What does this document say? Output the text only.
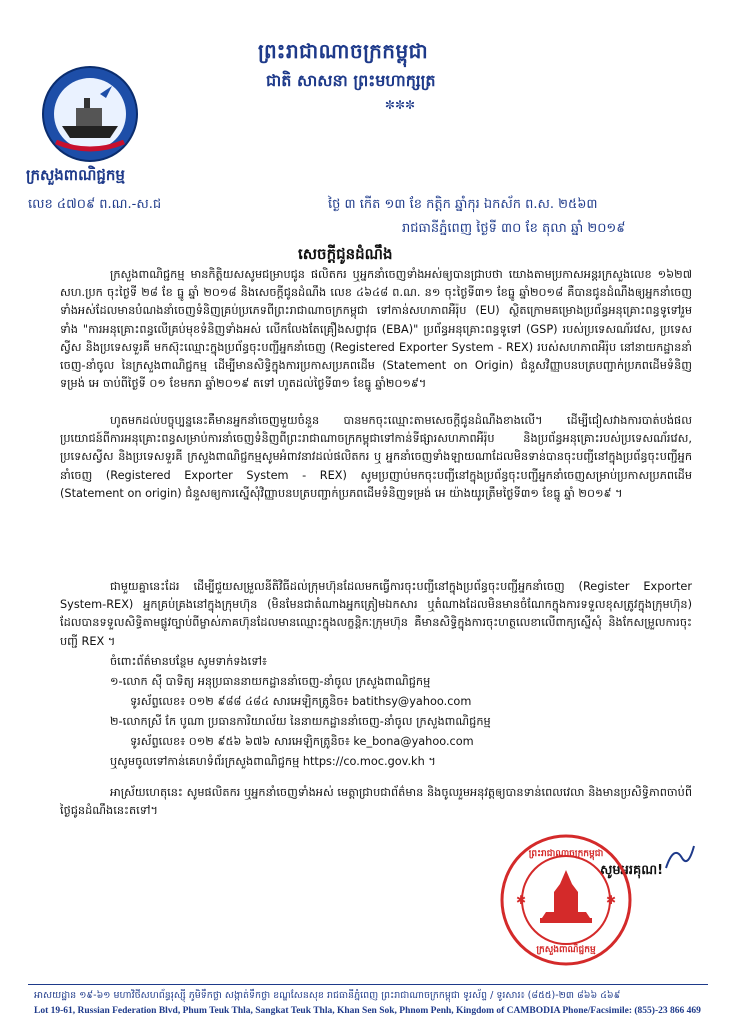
ក្រសួងពាណិជ្ជកម្ម
លេខ ៤៧០៩ ព.ណ.-ស.ជ
ព្រះរាជាណាចក្រកម្ពុជា
ជាតិ សាសនា ព្រះមហាក្សត្រ
✼✼✼
ថ្ងៃ ៣ កើត ១៣ ខែ កត្តិក ឆ្នាំកុរ ឯកស័ក ព.ស. ២៥៦៣
រាជធានីភ្នំពេញ ថ្ងៃទី ៣០ ខែ តុលា ឆ្នាំ ២០១៩
សេចក្តីជូនដំណឹង
ក្រសួងពាណិជ្ជកម្ម មានកិត្តិយសសូមជម្រាបជូន ផលិតករ ឬអ្នកនាំចេញទាំងអស់ឲ្យបានជ្រាបថា យោងតាមប្រកាសអន្តរក្រសួងលេខ ១៦២៧ សហ.ប្រក ចុះថ្ងៃទី ២៨ ខែ ធ្នូ ឆ្នាំ ២០១៨ និងសេចក្តីជូនដំណឹង លេខ ៤៦៤៨ ព.ណ. ន១ ចុះថ្ងៃទី៣១ ខែធ្នូ ឆ្នាំ២០១៨ គឺបានជូនដំណឹងឲ្យអ្នកនាំចេញទាំងអស់ដែលមានបំណងនាំចេញទំនិញគ្រប់ប្រភេទពីព្រះរាជាណាចក្រកម្ពុជា ទៅកាន់សហភាពអឺរ៉ុប (EU) ស្ថិតក្រោមគម្រោងប្រព័ន្ធអនុគ្រោះពន្ធទូទៅរួមទាំង "ការអនុគ្រោះពន្ធលើគ្រប់មុខទំនិញទាំងអស់ លើកលែងតែគ្រឿងសព្វាវុធ (EBA)" ប្រព័ន្ធអនុគ្រោះពន្ធទូទៅ (GSP) របស់ប្រទេសណ័រវេស, ប្រទេសស្វីស និងប្រទេសទួរគី មកស៊ុះឈ្មោះក្នុងប្រព័ន្ធចុះបញ្ជីអ្នកនាំចេញ (Registered Exporter System - REX) របស់សហភាពអឺរ៉ុប នៅនាយកដ្ឋាននាំចេញ-នាំចូល នៃក្រសួងពាណិជ្ជកម្ម ដើម្បីមានសិទ្ធិក្នុងការប្រកាសប្រភពដើម (Statement on Origin) ជំនួសវិញ្ញាបនបត្របញ្ជាក់ប្រភពដើមទំនិញទម្រង់ អេ ចាប់ពីថ្ងៃទី ០១ ខែមករា ឆ្នាំ២០១៩ តទៅ ហូតដល់ថ្ងៃទី៣១ ខែធ្នូ ឆ្នាំ២០១៩។
ហូតមកដល់បច្ចុប្បន្ននេះគឺមានអ្នកនាំចេញមួយចំនួន បានមកចុះឈ្មោះតាមសេចក្តីជូនដំណឹងខាងលើ។ ដើម្បីជៀសវាងការបាត់បង់ផលប្រយោជន៍ពីការអនុគ្រោះពន្ធសម្រាប់ការនាំចេញទំនិញពីព្រះរាជាណាចក្រកម្ពុជាទៅកាន់ទីផ្សារសហភាពអឺរ៉ុប និងប្រព័ន្ធអនុគ្រោះរបស់ប្រទេសណ័រវេស, ប្រទេសស្វីស និងប្រទេសទួរគី ក្រសួងពាណិជ្ជកម្មសូមអំពាវនាវដល់ផលិតករ ឬ អ្នកនាំចេញទាំងឡាយណាដែលមិនទាន់បានចុះបញ្ជីនៅក្នុងប្រព័ន្ធចុះបញ្ជីអ្នកនាំចេញ (Registered Exporter System - REX) សូមប្រញាប់មកចុះបញ្ជីនៅក្នុងប្រព័ន្ធចុះបញ្ជីអ្នកនាំចេញសម្រាប់ប្រកាសប្រភពដើម (Statement on origin) ជំនួសឲ្យការស្នើសុំវិញ្ញាបនបត្របញ្ជាក់ប្រភពដើមទំនិញទម្រង់ អេ យ៉ាងយូរត្រឹមថ្ងៃទី៣១ ខែធ្នូ ឆ្នាំ ២០១៩ ។
ជាមួយគ្នានេះដែរ ដើម្បីជួយសម្រួលនីតិវិធីដល់ក្រុមហ៊ុនដែលមកធ្វើការចុះបញ្ជីនៅក្នុងប្រព័ន្ធចុះបញ្ជីអ្នកនាំចេញ (Register Exporter System-REX) អ្នកគ្រប់គ្រងនៅក្នុងក្រុមហ៊ុន (មិនមែនជាតំណាងអ្នកត្រៀមឯកសារ ឬតំណាងដែលមិនមានចំណែកក្នុងការទទួលខុសត្រូវក្នុងក្រុមហ៊ុន) ដែលបានទទួលសិទ្ធិតាមផ្លូវច្បាប់ពីម្ចាស់ភាគហ៊ុនដែលមានឈ្មោះក្នុងលក្ខន្តិកៈក្រុមហ៊ុន គឺមានសិទ្ធិក្នុងការចុះហត្ថលេខាលើពាក្យស្នើសុំ និងកែសម្រួលការចុះបញ្ជី REX ។
ចំពោះព័ត៌មានបន្ថែម សូមទាក់ទងទៅ៖
១-លោក ស៊ី បាទិត្យ អនុប្រធាននាយកដ្ឋាននាំចេញ-នាំចូល ក្រសួងពាណិជ្ជកម្ម
ទូរស័ព្ទលេខ៖ ០១២ ៩៨៨ ៤៨៤ សារអេឡិកត្រូនិច៖ batithsy@yahoo.com
២-លោកស្រី កែ បូណា ប្រធានការិយាល័យ នៃនាយកដ្ឋាននាំចេញ-នាំចូល ក្រសួងពាណិជ្ជកម្ម
ទូរស័ព្ទលេខ៖ ០១២ ៩៥៦ ៦៧៦ សារអេឡិកត្រូនិច៖ ke_bona@yahoo.com
ឬសូមចូលទៅកាន់គេហទំព័រក្រសួងពាណិជ្ជកម្ម https://co.moc.gov.kh ។
អាស្រ័យហេតុនេះ សូមផលិតករ ឬអ្នកនាំចេញទាំងអស់ មេត្តាជ្រាបជាព័ត៌មាន និងចូលរួមអនុវត្តឲ្យបានទាន់ពេលវេលា និងមានប្រសិទ្ធិភាពចាប់ពីថ្ងៃជូនដំណឹងនេះតទៅ។
សូមអរគុណ!
✱	✱
ព្រះរាជាណាចក្រកម្ពុជា
ក្រសួងពាណិជ្ជកម្ម
អាសយដ្ឋាន ១៩-៦១ មហាវិថីសហព័ន្ធរុស្ស៊ី ភូមិទឹកថ្លា សង្កាត់ទឹកថ្លា ខណ្ឌសែនសុខ រាជធានីភ្នំពេញ ព្រះរាជាណាចក្រកម្ពុជា ទូរស័ព្ទ / ទូរសារ៖ (៨៥៥)-២៣ ៨៦៦ ៤៦៩
Lot 19-61, Russian Federation Blvd, Phum Teuk Thla, Sangkat Teuk Thla, Khan Sen Sok, Phnom Penh, Kingdom of CAMBODIA Phone/Facsimile: (855)-23 866 469
